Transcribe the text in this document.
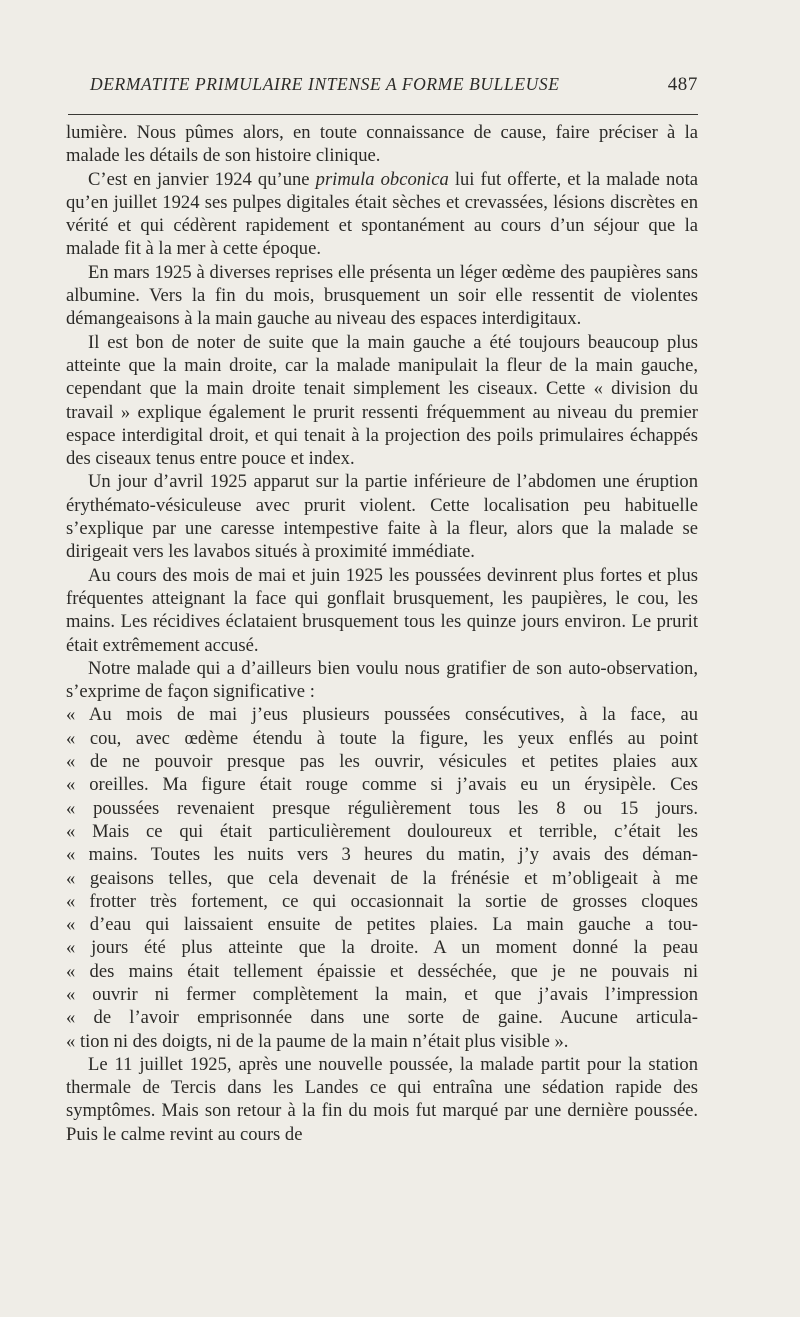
DERMATITE PRIMULAIRE INTENSE A FORME BULLEUSE	487

lumière. Nous pûmes alors, en toute connaissance de cause, faire préciser à la malade les détails de son histoire clinique.

C’est en janvier 1924 qu’une primula obconica lui fut offerte, et la malade nota qu’en juillet 1924 ses pulpes digitales était sèches et crevassées, lésions discrètes en vérité et qui cédèrent rapidement et spontanément au cours d’un séjour que la malade fit à la mer à cette époque.

En mars 1925 à diverses reprises elle présenta un léger œdème des paupières sans albumine. Vers la fin du mois, brusquement un soir elle ressentit de violentes démangeaisons à la main gauche au niveau des espaces interdigitaux.

Il est bon de noter de suite que la main gauche a été toujours beaucoup plus atteinte que la main droite, car la malade manipulait la fleur de la main gauche, cependant que la main droite tenait simplement les ciseaux. Cette « division du travail » explique également le prurit ressenti fréquemment au niveau du premier espace interdigital droit, et qui tenait à la projection des poils primulaires échappés des ciseaux tenus entre pouce et index.

Un jour d’avril 1925 apparut sur la partie inférieure de l’abdomen une éruption érythémato-vésiculeuse avec prurit violent. Cette localisation peu habituelle s’explique par une caresse intempestive faite à la fleur, alors que la malade se dirigeait vers les lavabos situés à proximité immédiate.

Au cours des mois de mai et juin 1925 les poussées devinrent plus fortes et plus fréquentes atteignant la face qui gonflait brusquement, les paupières, le cou, les mains. Les récidives éclataient brusquement tous les quinze jours environ. Le prurit était extrêmement accusé.

Notre malade qui a d’ailleurs bien voulu nous gratifier de son auto-observation, s’exprime de façon significative :

« Au mois de mai j’eus plusieurs poussées consécutives, à la face, au
« cou, avec œdème étendu à toute la figure, les yeux enflés au point
« de ne pouvoir presque pas les ouvrir, vésicules et petites plaies aux
« oreilles. Ma figure était rouge comme si j’avais eu un érysipèle. Ces
« poussées revenaient presque régulièrement tous les 8 ou 15 jours.
« Mais ce qui était particulièrement douloureux et terrible, c’était les
« mains. Toutes les nuits vers 3 heures du matin, j’y avais des déman-
« geaisons telles, que cela devenait de la frénésie et m’obligeait à me
« frotter très fortement, ce qui occasionnait la sortie de grosses cloques
« d’eau qui laissaient ensuite de petites plaies. La main gauche a tou-
« jours été plus atteinte que la droite. A un moment donné la peau
« des mains était tellement épaissie et desséchée, que je ne pouvais ni
« ouvrir ni fermer complètement la main, et que j’avais l’impression
« de l’avoir emprisonnée dans une sorte de gaine. Aucune articula-
« tion ni des doigts, ni de la paume de la main n’était plus visible ».

Le 11 juillet 1925, après une nouvelle poussée, la malade partit pour la station thermale de Tercis dans les Landes ce qui entraîna une sédation rapide des symptômes. Mais son retour à la fin du mois fut marqué par une dernière poussée. Puis le calme revint au cours de
